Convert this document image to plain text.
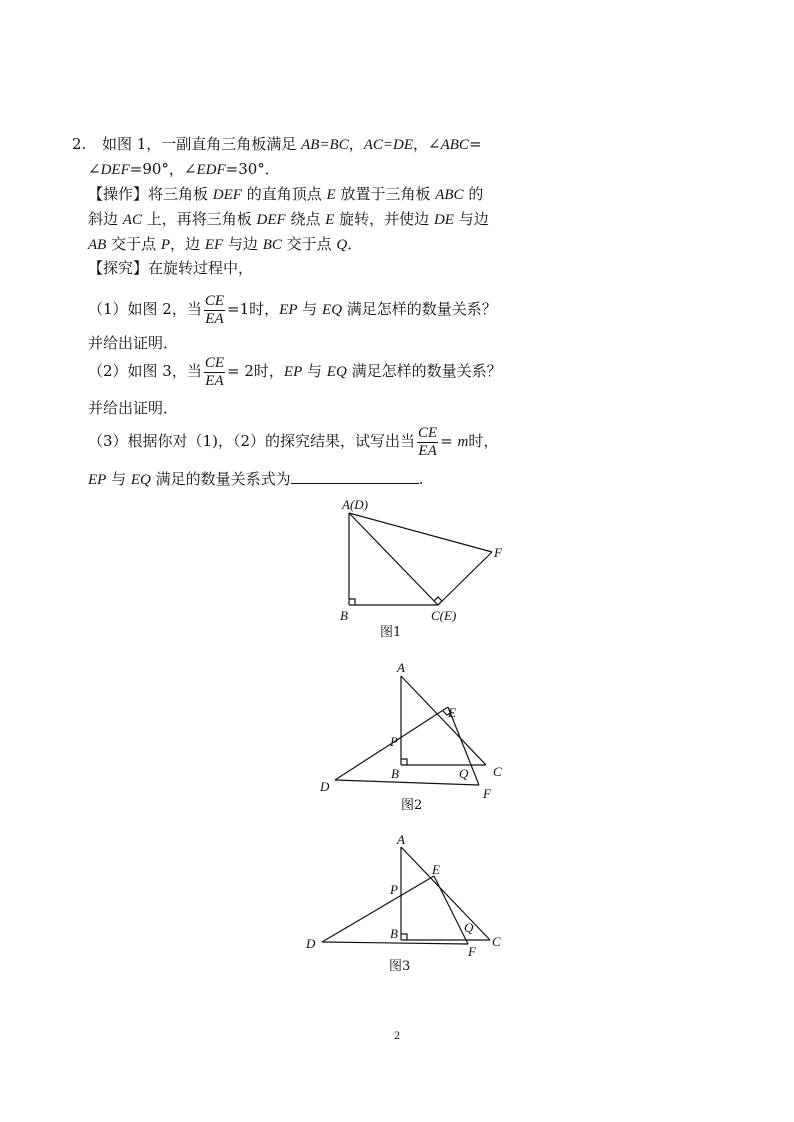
2. 如图 1，一副直角三角板满足 AB=BC，AC=DE，∠ABC=
∠DEF=90°，∠EDF=30°．
【操作】将三角板 DEF 的直角顶点 E 放置于三角板 ABC 的
斜边 AC 上，再将三角板 DEF 绕点 E 旋转，并使边 DE 与边
AB 交于点 P，边 EF 与边 BC 交于点 Q．
【探究】在旋转过程中，
（1）如图 2，当 $\frac{CE}{EA} =1$时，EP 与 EQ 满足怎样的数量关系？
并给出证明．
（2）如图 3，当 $\frac{CE}{EA} = 2$时，EP 与 EQ 满足怎样的数量关系？
并给出证明．
（3）根据你对（1)，（2）的探究结果，试写出当 $\frac{CE}{EA} = m$时，
EP 与 EQ 满足的数量关系式为	.
A(D)
F
B	C(E)
图1
A
E
P
B	Q C
D	F
图2
A
E
P
B	Q
C
D
F
图3
2
